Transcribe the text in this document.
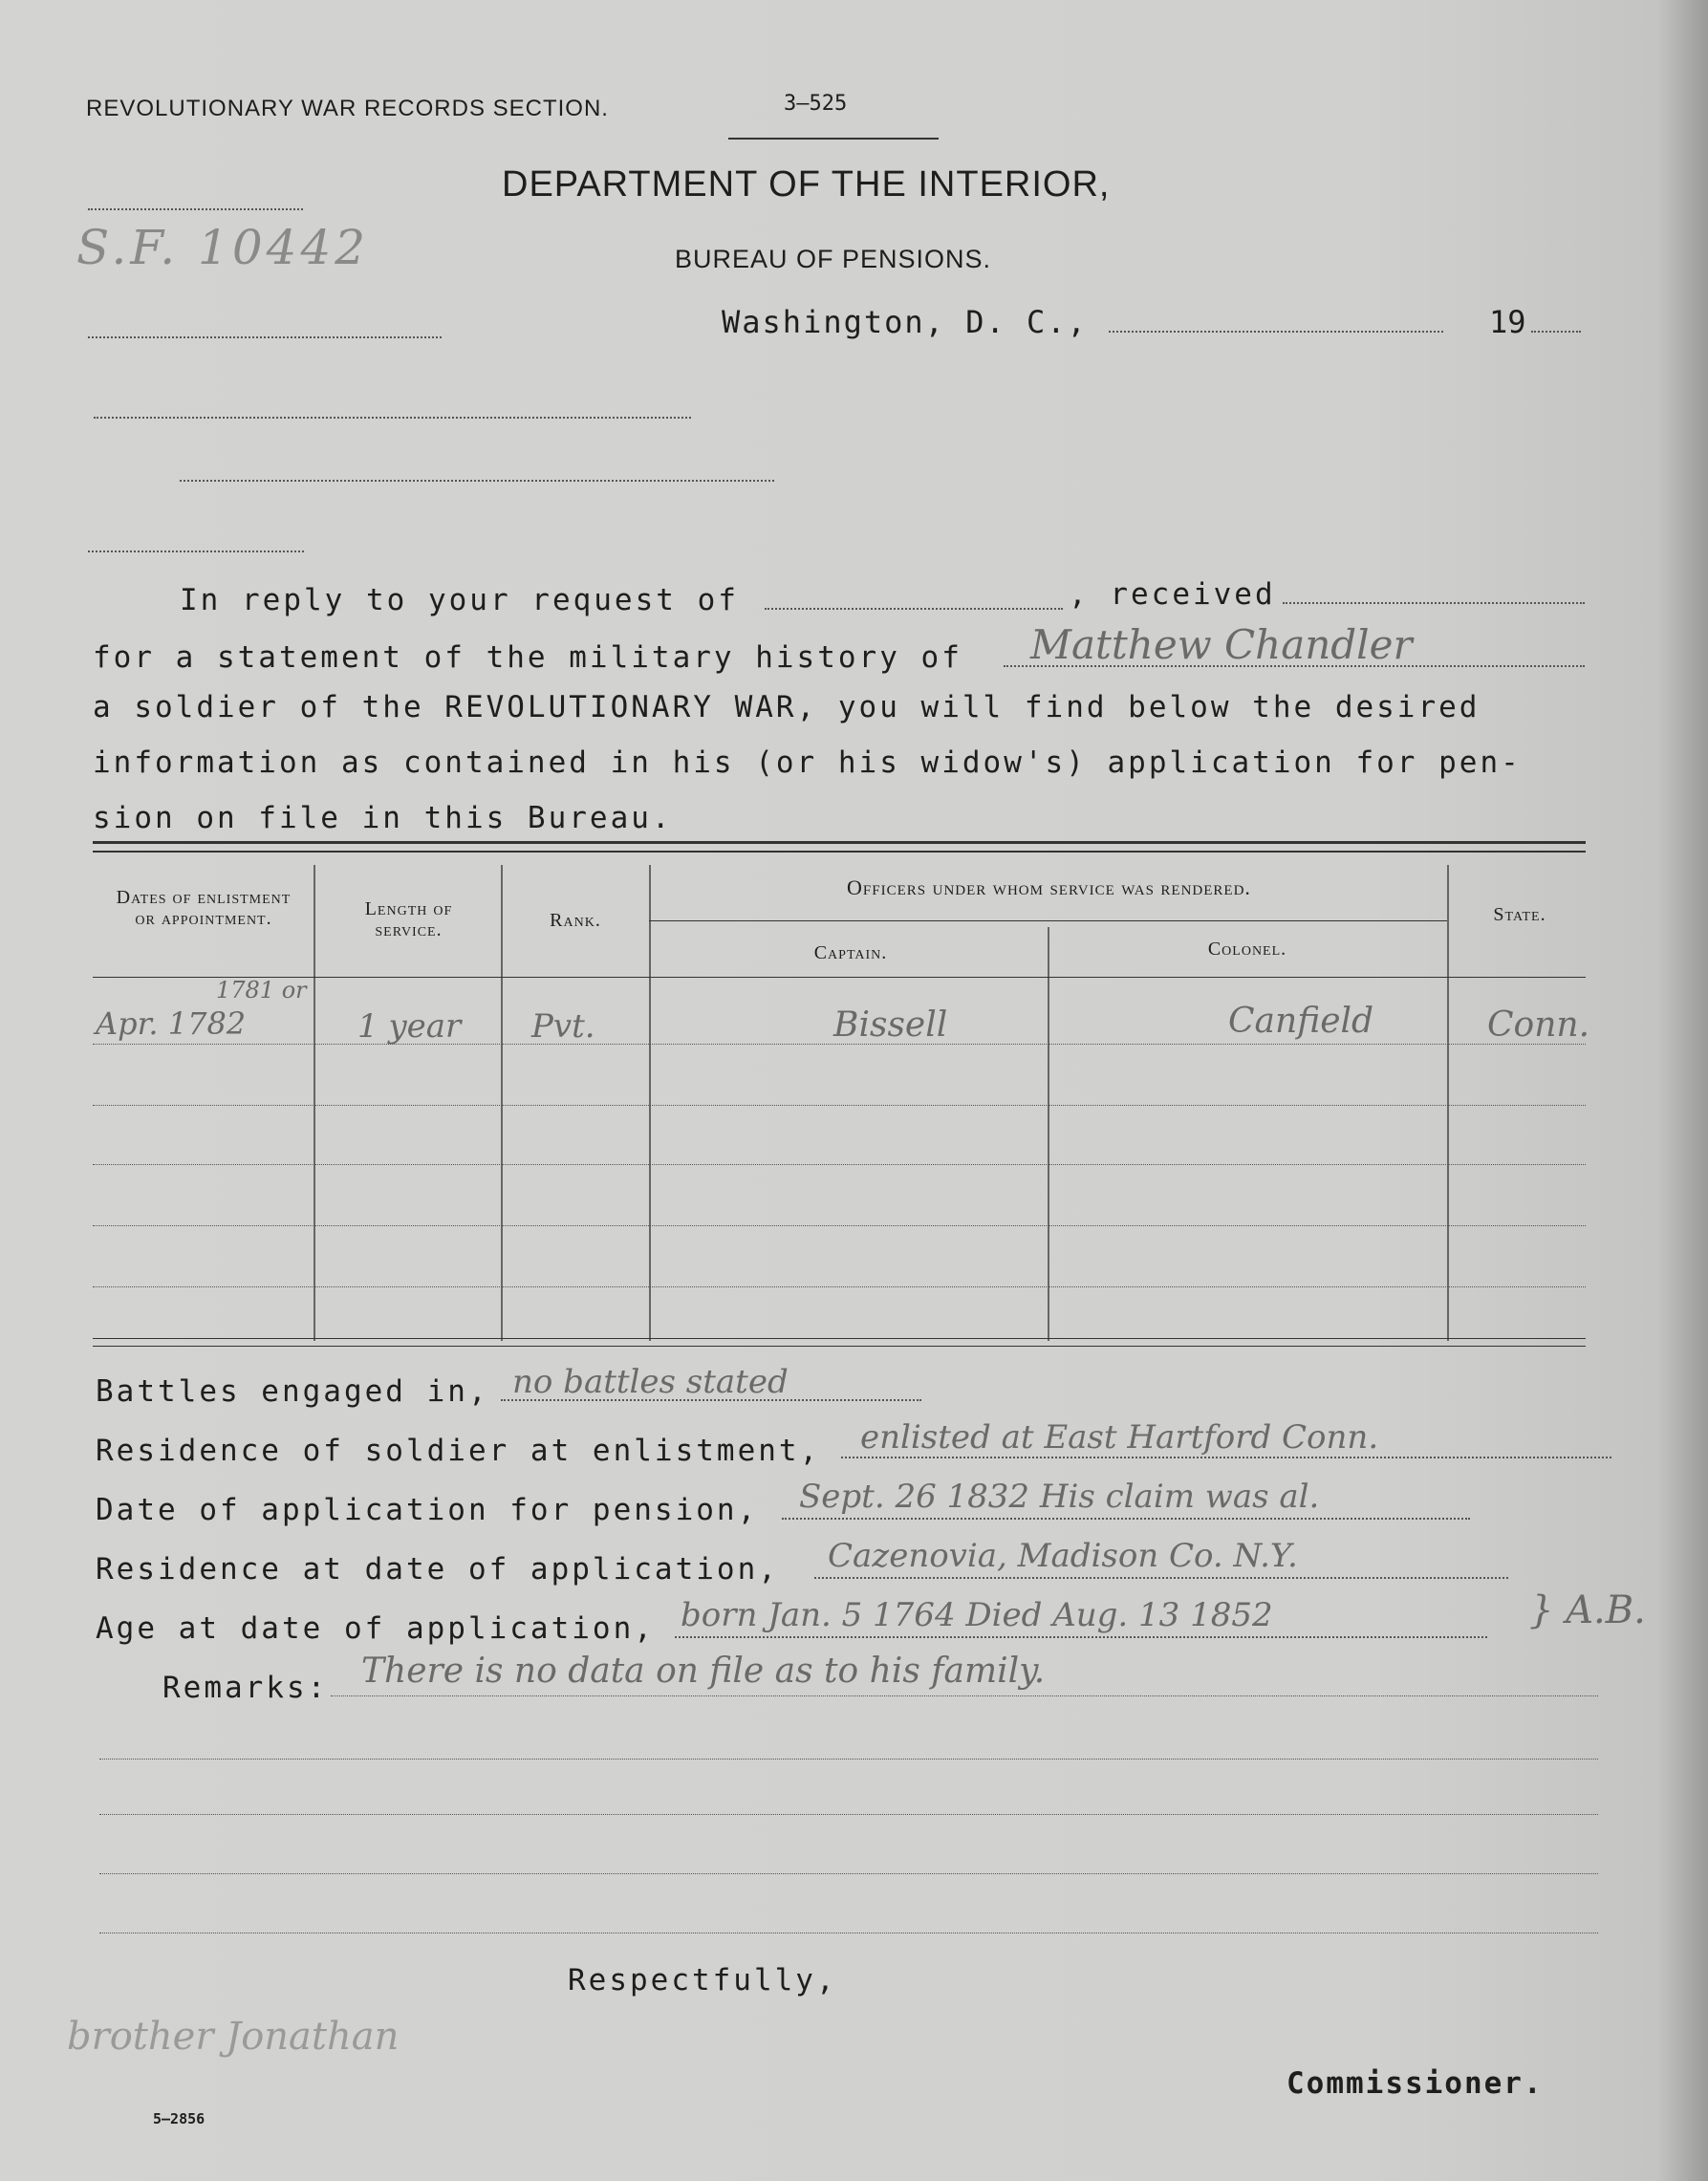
REVOLUTIONARY WAR RECORDS SECTION.	3—525
DEPARTMENT OF THE INTERIOR,
BUREAU OF PENSIONS.
Washington, D. C.,	19
S.F. 10442
In reply to your request of	, received
for a statement of the military history of Matthew Chandler
a soldier of the REVOLUTIONARY WAR, you will find below the desired
information as contained in his (or his widow's) application for pen-
sion on file in this Bureau.
Dates of enlistment or appointment.	Length of service.	Rank.
Officers under whom service was rendered.
Captain.	Colonel.
State.
1781 or
Apr. 1782	1 year Pvt.	Bissell	Canfield	Conn.
Battles engaged in, no battles stated
Residence of soldier at enlistment, enlisted at East Hartford Conn.
Date of application for pension, Sept. 26 1832 His claim was al.
Residence at date of application, Cazenovia, Madison Co. N.Y.
Age at date of application, born Jan. 5 1764 Died Aug. 13 1852	} A.B.
Remarks: There is no data on file as to his family.
Respectfully,
brother Jonathan
Commissioner.
5—2856
